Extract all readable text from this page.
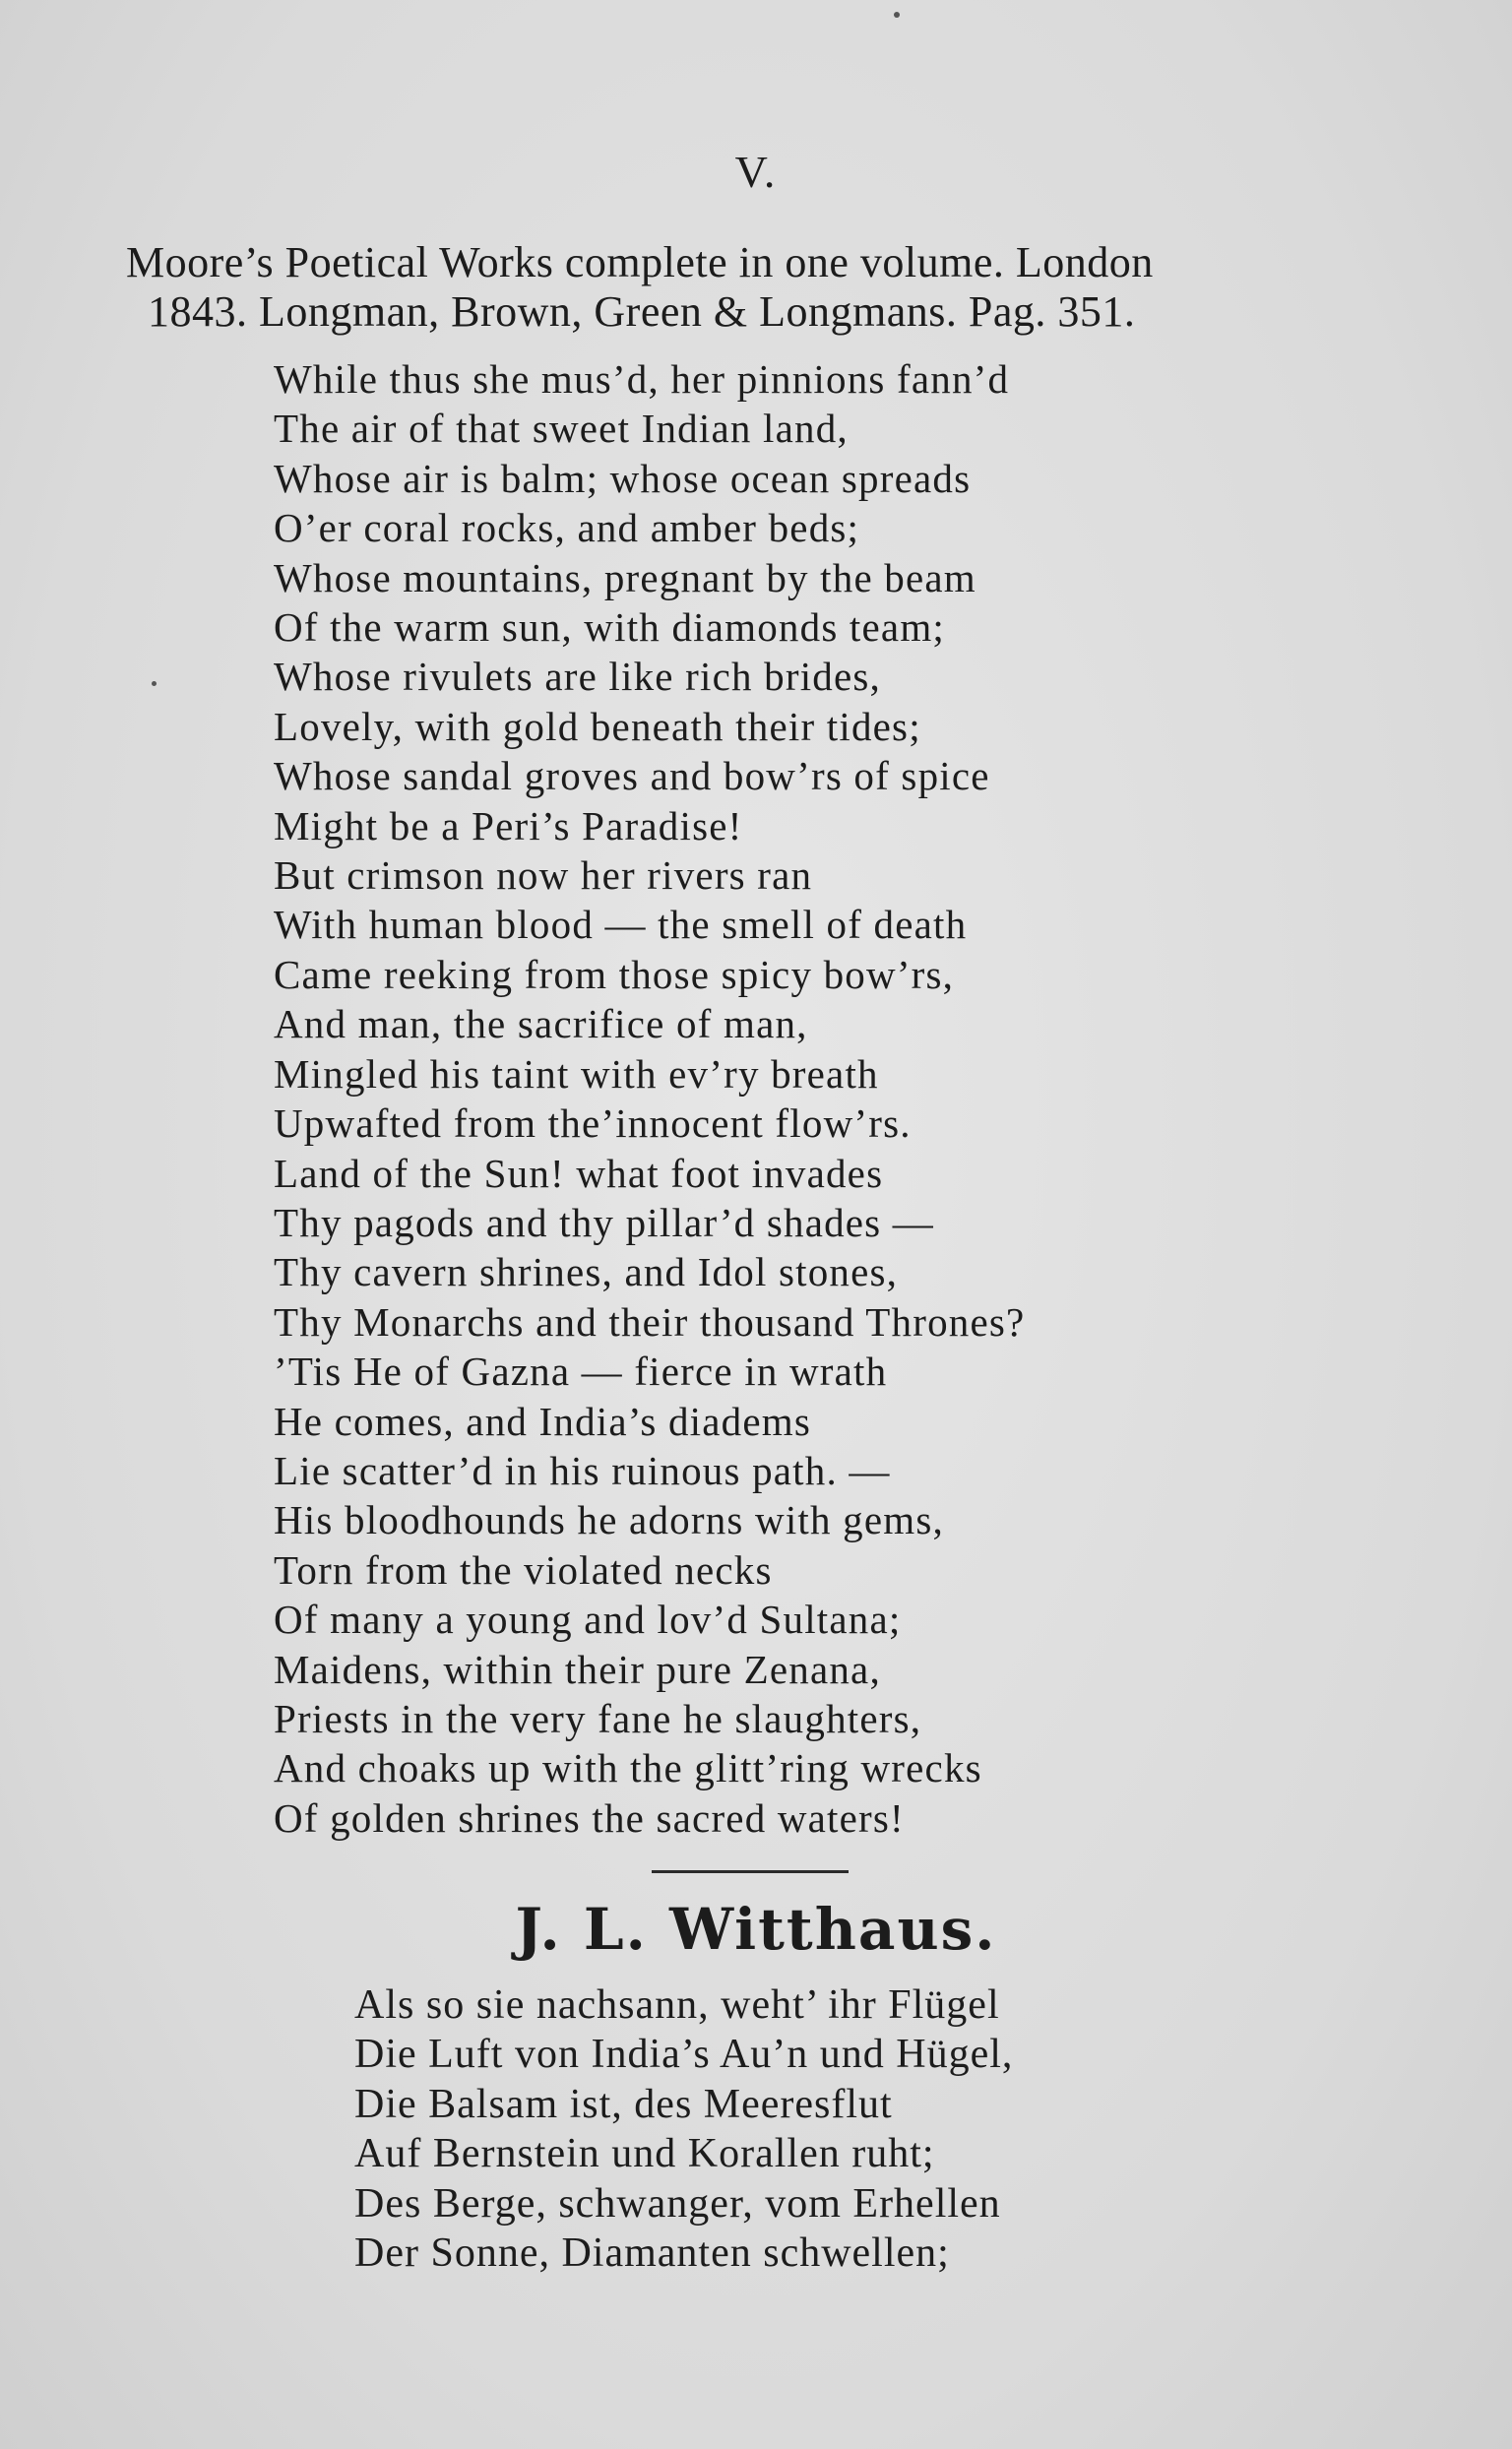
V.
Moore’s Poetical Works complete in one volume. London
1843. Longman, Brown, Green & Longmans. Pag. 351.
While thus she mus’d, her pinnions fann’d
The air of that sweet Indian land,
Whose air is balm; whose ocean spreads
O’er coral rocks, and amber beds;
Whose mountains, pregnant by the beam
Of the warm sun, with diamonds team;
Whose rivulets are like rich brides,
Lovely, with gold beneath their tides;
Whose sandal groves and bow’rs of spice
Might be a Peri’s Paradise!
But crimson now her rivers ran
With human blood — the smell of death
Came reeking from those spicy bow’rs,
And man, the sacrifice of man,
Mingled his taint with ev’ry breath
Upwafted from the’innocent flow’rs.
Land of the Sun! what foot invades
Thy pagods and thy pillar’d shades —
Thy cavern shrines, and Idol stones,
Thy Monarchs and their thousand Thrones?
’Tis He of Gazna — fierce in wrath
He comes, and India’s diadems
Lie scatter’d in his ruinous path. —
His bloodhounds he adorns with gems,
Torn from the violated necks
Of many a young and lov’d Sultana;
Maidens, within their pure Zenana,
Priests in the very fane he slaughters,
And choaks up with the glitt’ring wrecks
Of golden shrines the sacred waters!
J. L. Witthaus.
Als so sie nachsann, weht’ ihr Flügel
Die Luft von India’s Au’n und Hügel,
Die Balsam ist, des Meeresflut
Auf Bernstein und Korallen ruht;
Des Berge, schwanger, vom Erhellen
Der Sonne, Diamanten schwellen;
